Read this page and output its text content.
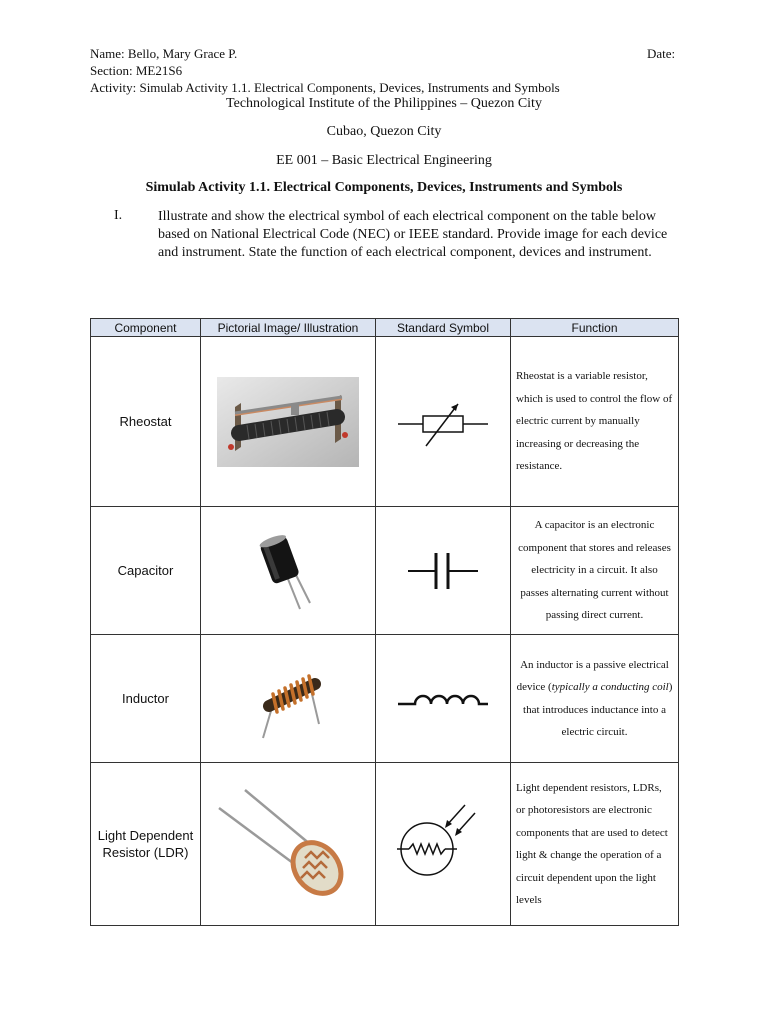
Name: Bello, Mary Grace P.	Date:
Section: ME21S6
Activity: Simulab Activity 1.1. Electrical Components, Devices, Instruments and Symbols
Technological Institute of the Philippines – Quezon City
Cubao, Quezon City
EE 001 – Basic Electrical Engineering
Simulab Activity 1.1. Electrical Components, Devices, Instruments and Symbols
I.	Illustrate and show the electrical symbol of each electrical component on the table below based on National Electrical Code (NEC) or IEEE standard. Provide image for each device and instrument. State the function of each electrical component, devices and instrument.
Component	Pictorial Image/ Illustration	Standard Symbol	Function
Rheostat			Rheostat is a variable resistor, which is used to control the flow of electric current by manually increasing or decreasing the resistance.
Capacitor			A capacitor is an electronic component that stores and releases electricity in a circuit. It also passes alternating current without passing direct current.
Inductor			An inductor is a passive electrical device (typically a conducting coil) that introduces inductance into a electric circuit.
Light Dependent Resistor (LDR)			Light dependent resistors, LDRs, or photoresistors are electronic components that are used to detect light & change the operation of a circuit dependent upon the light levels
